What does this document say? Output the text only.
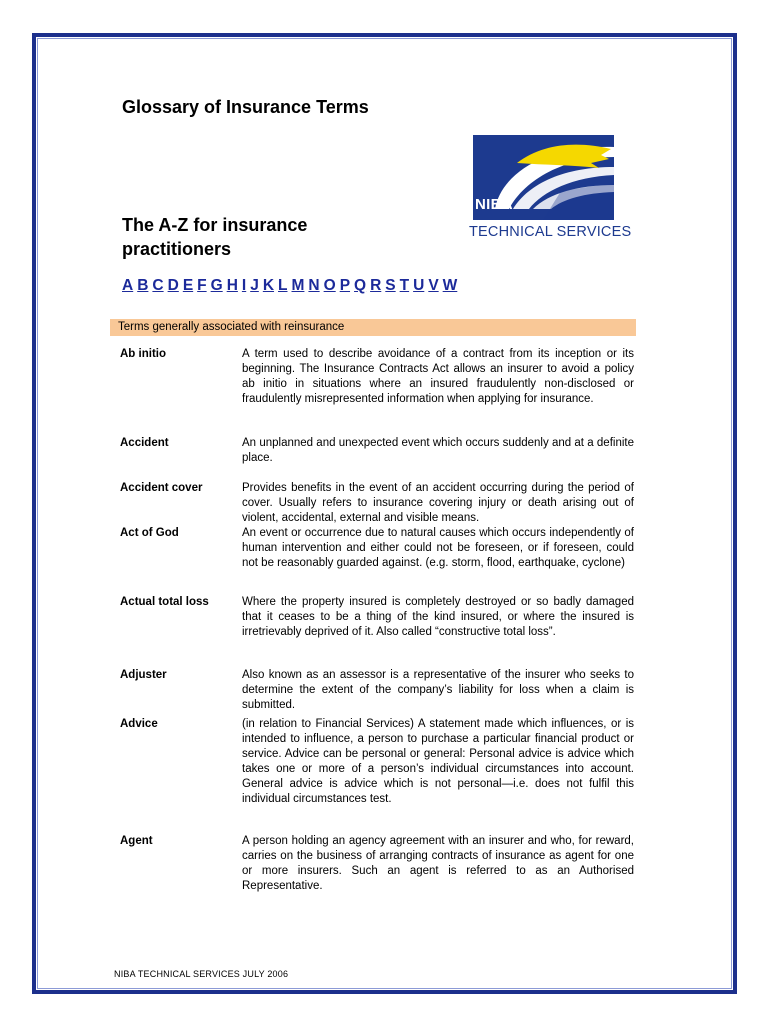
Glossary of Insurance Terms
NIBA
TECHNICAL SERVICES
The A-Z for insurance practitioners
A B C D E F G H I J K L M N O P Q R S T U V W
Terms generally associated with reinsurance
Ab initio	A term used to describe avoidance of a contract from its inception or its beginning. The Insurance Contracts Act allows an insurer to avoid a policy ab initio in situations where an insured fraudulently non-disclosed or fraudulently misrepresented information when applying for insurance.
Accident	An unplanned and unexpected event which occurs suddenly and at a definite place.
Accident cover	Provides benefits in the event of an accident occurring during the period of cover. Usually refers to insurance covering injury or death arising out of violent, accidental, external and visible means.
Act of God	An event or occurrence due to natural causes which occurs independently of human intervention and either could not be foreseen, or if foreseen, could not be reasonably guarded against. (e.g. storm, flood, earthquake, cyclone)
Actual total loss	Where the property insured is completely destroyed or so badly damaged that it ceases to be a thing of the kind insured, or where the insured is irretrievably deprived of it. Also called “constructive total loss”.
Adjuster	Also known as an assessor is a representative of the insurer who seeks to determine the extent of the company’s liability for loss when a claim is submitted.
Advice	(in relation to Financial Services) A statement made which influences, or is intended to influence, a person to purchase a particular financial product or service. Advice can be personal or general: Personal advice is advice which takes one or more of a person’s individual circumstances into account. General advice is advice which is not personal—i.e. does not fulfil this individual circumstances test.
Agent	A person holding an agency agreement with an insurer and who, for reward, carries on the business of arranging contracts of insurance as agent for one or more insurers. Such an agent is referred to as an Authorised Representative.
NIBA TECHNICAL SERVICES JULY 2006
